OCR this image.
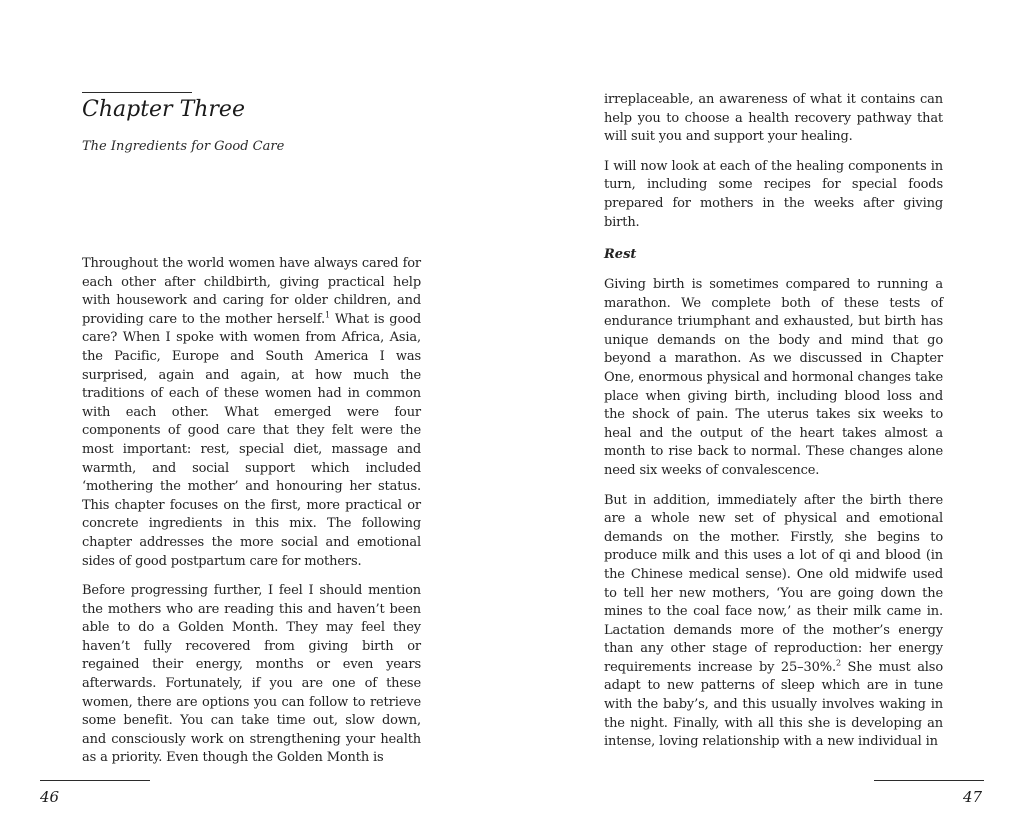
Chapter Three
The Ingredients for Good Care

Throughout the world women have always cared for each other after childbirth, giving practical help with housework and caring for older children, and providing care to the mother herself.$^1$ What is good care? When I spoke with women from Africa, Asia, the Pacific, Europe and South America I was surprised, again and again, at how much the traditions of each of these women had in common with each other. What emerged were four components of good care that they felt were the most important: rest, special diet, massage and warmth, and social support which included ‘mothering the mother’ and honouring her status. This chapter focuses on the first, more practical or concrete ingredients in this mix. The following chapter addresses the more social and emotional sides of good postpartum care for mothers.

Before progressing further, I feel I should mention the mothers who are reading this and haven’t been able to do a Golden Month. They may feel they haven’t fully recovered from giving birth or regained their energy, months or even years afterwards. Fortunately, if you are one of these women, there are options you can follow to retrieve some benefit. You can take time out, slow down, and consciously work on strengthening your health as a priority. Even though the Golden Month is

46

irreplaceable, an awareness of what it contains can help you to choose a health recovery pathway that will suit you and support your healing.

I will now look at each of the healing components in turn, including some recipes for special foods prepared for mothers in the weeks after giving birth.

Rest

Giving birth is sometimes compared to running a marathon. We complete both of these tests of endurance triumphant and exhausted, but birth has unique demands on the body and mind that go beyond a marathon. As we discussed in Chapter One, enormous physical and hormonal changes take place when giving birth, including blood loss and the shock of pain. The uterus takes six weeks to heal and the output of the heart takes almost a month to rise back to normal. These changes alone need six weeks of convalescence.

But in addition, immediately after the birth there are a whole new set of physical and emotional demands on the mother. Firstly, she begins to produce milk and this uses a lot of qi and blood (in the Chinese medical sense). One old midwife used to tell her new mothers, ‘You are going down the mines to the coal face now,’ as their milk came in. Lactation demands more of the mother’s energy than any other stage of reproduction: her energy requirements increase by 25–30%.$^2$ She must also adapt to new patterns of sleep which are in tune with the baby’s, and this usually involves waking in the night. Finally, with all this she is developing an intense, loving relationship with a new individual in

47
